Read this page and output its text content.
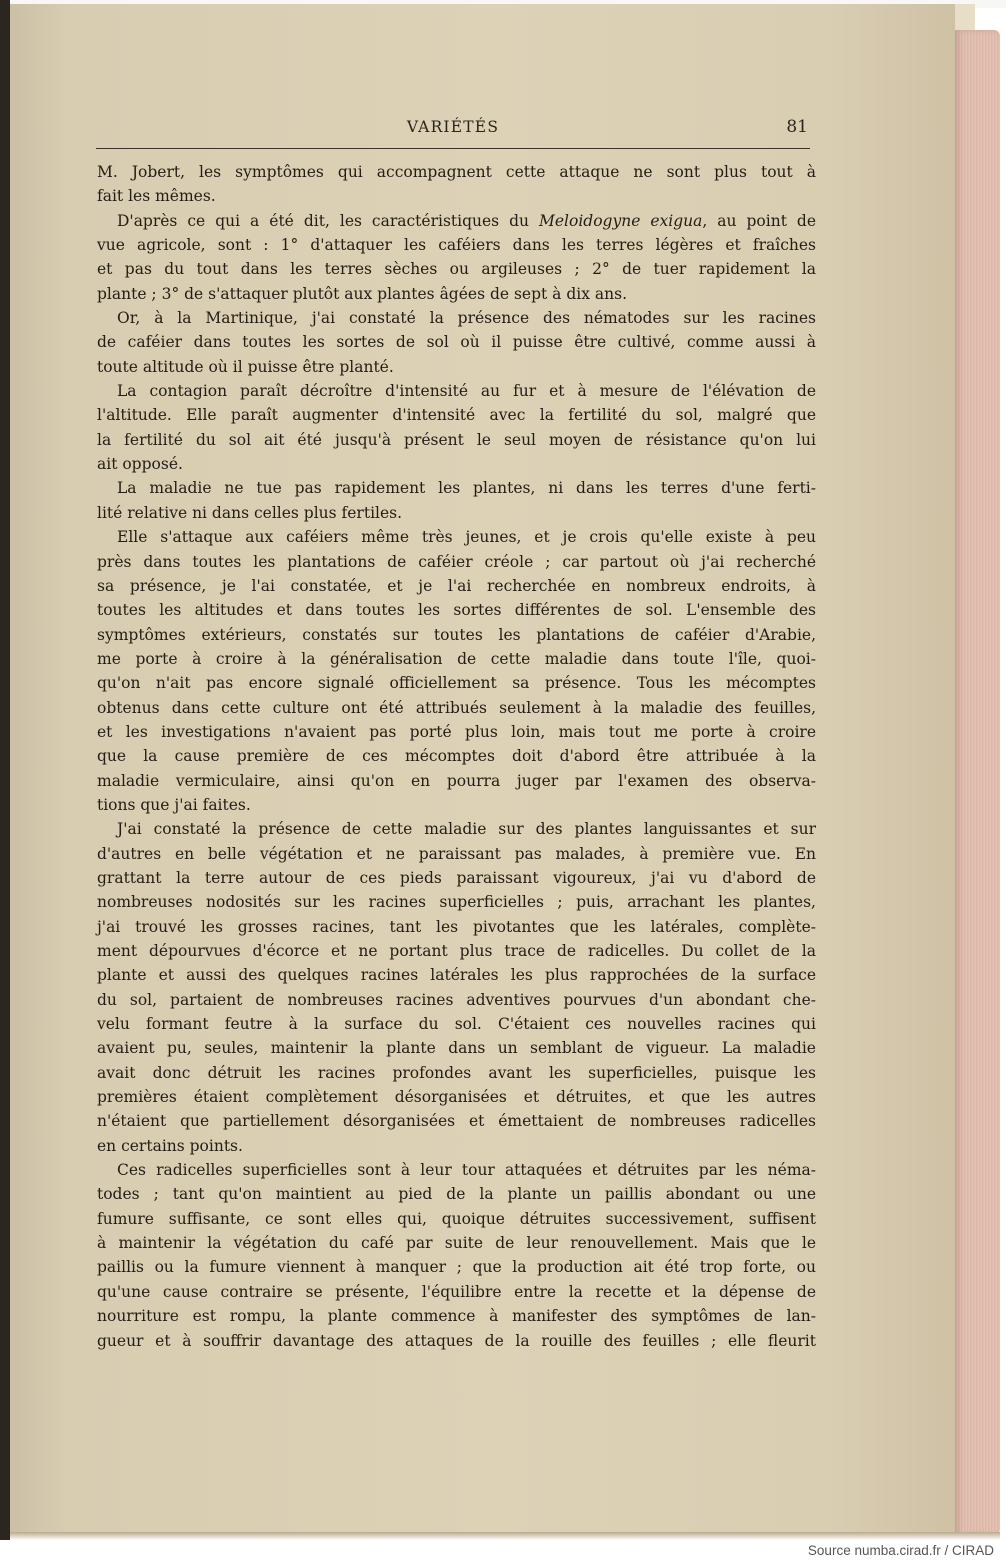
VARIÉTÉS	81
M. Jobert, les symptômes qui accompagnent cette attaque ne sont plus tout à
fait les mêmes.
D'après ce qui a été dit, les caractéristiques du Meloidogyne exigua, au point de
vue agricole, sont : 1° d'attaquer les caféiers dans les terres légères et fraîches
et pas du tout dans les terres sèches ou argileuses ; 2° de tuer rapidement la
plante ; 3° de s'attaquer plutôt aux plantes âgées de sept à dix ans.
Or, à la Martinique, j'ai constaté la présence des nématodes sur les racines
de caféier dans toutes les sortes de sol où il puisse être cultivé, comme aussi à
toute altitude où il puisse être planté.
La contagion paraît décroître d'intensité au fur et à mesure de l'élévation de
l'altitude. Elle paraît augmenter d'intensité avec la fertilité du sol, malgré que
la fertilité du sol ait été jusqu'à présent le seul moyen de résistance qu'on lui
ait opposé.
La maladie ne tue pas rapidement les plantes, ni dans les terres d'une ferti-
lité relative ni dans celles plus fertiles.
Elle s'attaque aux caféiers même très jeunes, et je crois qu'elle existe à peu
près dans toutes les plantations de caféier créole ; car partout où j'ai recherché
sa présence, je l'ai constatée, et je l'ai recherchée en nombreux endroits, à
toutes les altitudes et dans toutes les sortes différentes de sol. L'ensemble des
symptômes extérieurs, constatés sur toutes les plantations de caféier d'Arabie,
me porte à croire à la généralisation de cette maladie dans toute l'île, quoi-
qu'on n'ait pas encore signalé officiellement sa présence. Tous les mécomptes
obtenus dans cette culture ont été attribués seulement à la maladie des feuilles,
et les investigations n'avaient pas porté plus loin, mais tout me porte à croire
que la cause première de ces mécomptes doit d'abord être attribuée à la
maladie vermiculaire, ainsi qu'on en pourra juger par l'examen des observa-
tions que j'ai faites.
J'ai constaté la présence de cette maladie sur des plantes languissantes et sur
d'autres en belle végétation et ne paraissant pas malades, à première vue. En
grattant la terre autour de ces pieds paraissant vigoureux, j'ai vu d'abord de
nombreuses nodosités sur les racines superficielles ; puis, arrachant les plantes,
j'ai trouvé les grosses racines, tant les pivotantes que les latérales, complète-
ment dépourvues d'écorce et ne portant plus trace de radicelles. Du collet de la
plante et aussi des quelques racines latérales les plus rapprochées de la surface
du sol, partaient de nombreuses racines adventives pourvues d'un abondant che-
velu formant feutre à la surface du sol. C'étaient ces nouvelles racines qui
avaient pu, seules, maintenir la plante dans un semblant de vigueur. La maladie
avait donc détruit les racines profondes avant les superficielles, puisque les
premières étaient complètement désorganisées et détruites, et que les autres
n'étaient que partiellement désorganisées et émettaient de nombreuses radicelles
en certains points.
Ces radicelles superficielles sont à leur tour attaquées et détruites par les néma-
todes ; tant qu'on maintient au pied de la plante un paillis abondant ou une
fumure suffisante, ce sont elles qui, quoique détruites successivement, suffisent
à maintenir la végétation du café par suite de leur renouvellement. Mais que le
paillis ou la fumure viennent à manquer ; que la production ait été trop forte, ou
qu'une cause contraire se présente, l'équilibre entre la recette et la dépense de
nourriture est rompu, la plante commence à manifester des symptômes de lan-
gueur et à souffrir davantage des attaques de la rouille des feuilles ; elle fleurit
Source numba.cirad.fr / CIRAD
